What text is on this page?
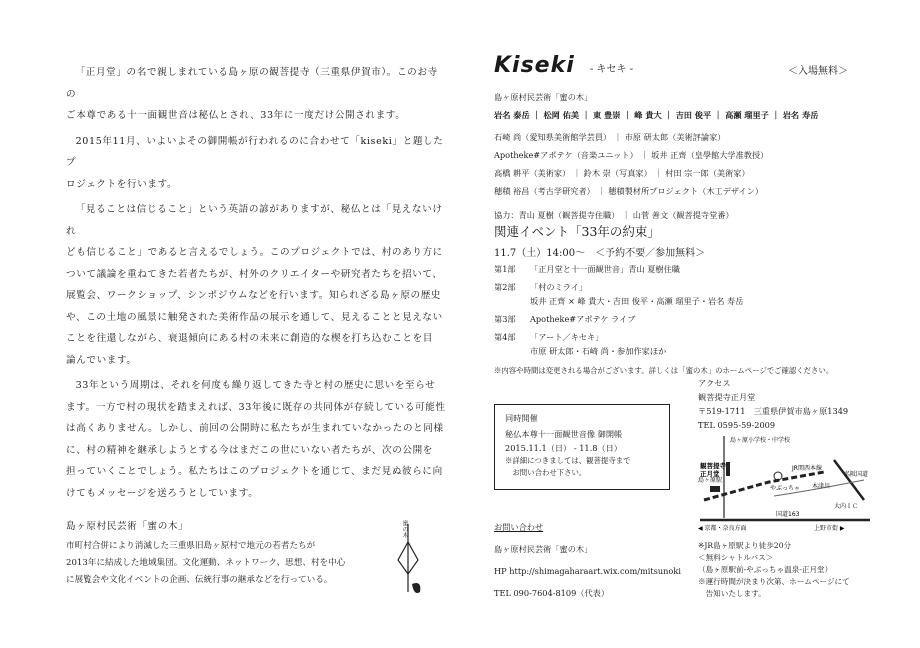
「正月堂」の名で親しまれている島ヶ原の観菩提寺（三重県伊賀市）。このお寺の
ご本尊である十一面観世音は秘仏とされ、33年に一度だけ公開されます。

2015年11月、いよいよその御開帳が行われるのに合わせて「kiseki」と題したプ
ロジェクトを行います。

「見ることは信じること」という英語の諺がありますが、秘仏とは「見えないけれ
ども信じること」であると言えるでしょう。このプロジェクトでは、村のあり方に
ついて議論を重ねてきた若者たちが、村外のクリエイターや研究者たちを招いて、
展覧会、ワークショップ、シンポジウムなどを行います。知られざる島ヶ原の歴史
や、この土地の風景に触発された美術作品の展示を通して、見えることと見えない
ことを往還しながら、衰退傾向にある村の未来に創造的な楔を打ち込むことを目
論んでいます。

33年という周期は、それを何度も繰り返してきた寺と村の歴史に思いを至らせ
ます。一方で村の現状を踏まえれば、33年後に既存の共同体が存続している可能性
は高くありません。しかし、前回の公開時に私たちが生まれていなかったのと同様
に、村の精神を継承しようとする今はまだこの世にいない者たちが、次の公開を
担っていくことでしょう。私たちはこのプロジェクトを通じて、まだ見ぬ彼らに向
けてもメッセージを送ろうとしています。

島ヶ原村民芸術「蜜の木」
市町村合併により消滅した三重県旧島ヶ原村で地元の若者たちが
2013年に結成した地域集団。文化運動、ネットワーク、思想、村を中心
に展覧会や文化イベントの企画、伝統行事の継承などを行っている。
蜜の木
Kiseki - キセキ -	＜入場無料＞
島ヶ原村民芸術「蜜の木」
岩名 泰岳 ｜ 松岡 佑美 ｜ 東 豊崇 ｜ 峰 貴大 ｜ 吉田 俊平 ｜ 高瀬 瑠里子 ｜ 岩名 寿岳
石崎 尚（愛知県美術館学芸員） ｜ 市原 研太郎（美術評論家）
Apotheke#アポテケ（音楽ユニット） ｜ 坂井 正齊（皇學館大学准教授）
高橋 耕平（美術家） ｜ 鈴木 崇（写真家） ｜ 村田 宗一郎（美術家）
穂積 裕昌（考古学研究者） ｜ 穂積製材所プロジェクト（木工デザイン）
協力：青山 夏樹（観菩提寺住職） ｜ 山菅 善文（観菩提寺堂番）
関連イベント「33年の約束」
11.7（土）14:00～　＜予約不要／参加無料＞
第1部 「正月堂と十一面観世音」青山 夏樹住職
第2部 「村のミライ」
坂井 正齊 × 峰 貴大・吉田 俊平・高瀬 瑠里子・岩名 寿岳
第3部 Apotheke#アポテケ ライブ
第4部 「アート／キセキ」
市原 研太郎・石崎 尚・参加作家ほか
※内容や時間は変更される場合がございます。詳しくは「蜜の木」のホームページでご確認ください。
同時開催
秘仏本尊十一面観世音像 御開帳
2015.11.1（日） - 11.8（日）
※詳細につきましては、観菩提寺まで
　お問い合わせ下さい。
お問い合わせ
島ヶ原村民芸術「蜜の木」
HP http://shimagaharaart.wix.com/mitsunoki
TEL 090-7604-8109（代表）
アクセス
観菩提寺正月堂
〒519-1711　三重県伊賀市島ヶ原1349
TEL 0595-59-2009
島ヶ原小学校・中学校
観菩提寺正月堂
JR関西本線
島ヶ原駅
木津川
やぶっちゃ
国道163
◀ 京都・奈良方面	上野市街 ▶
名阪国道
大内ＩＣ
※JR島ヶ原駅より徒歩20分
＜無料シャトルバス＞
（島ヶ原駅前-やぶっちゃ温泉-正月堂）
※運行時間が決まり次第、ホームページにて
　告知いたします。
